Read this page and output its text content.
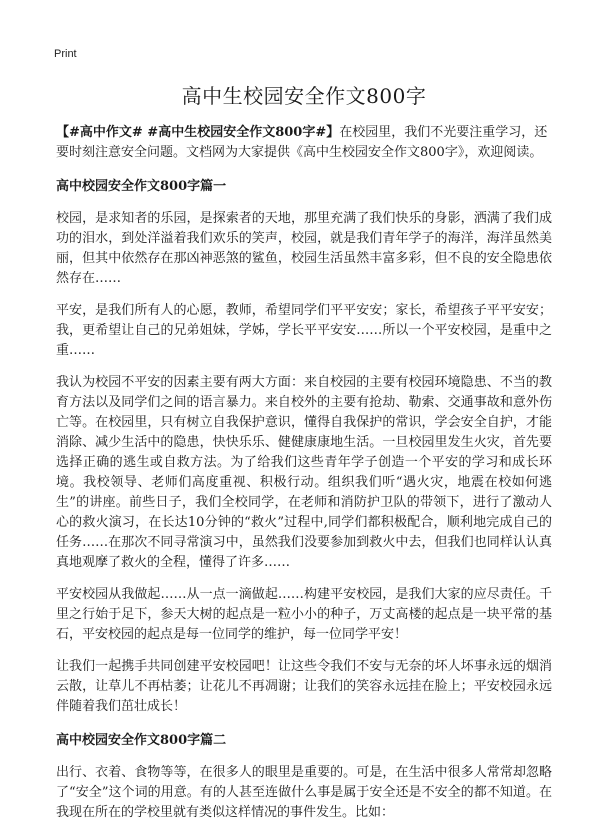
Print
高中生校园安全作文800字

【#高中作文# #高中生校园安全作文800字#】在校园里，我们不光要注重学习，还要时刻注意安全问题。文档网为大家提供《高中生校园安全作文800字》，欢迎阅读。

高中校园安全作文800字篇一

校园，是求知者的乐园，是探索者的天地，那里充满了我们快乐的身影，洒满了我们成功的泪水，到处洋溢着我们欢乐的笑声，校园，就是我们青年学子的海洋，海洋虽然美丽，但其中依然存在那凶神恶煞的鲨鱼，校园生活虽然丰富多彩，但不良的安全隐患依然存在……

平安，是我们所有人的心愿，教师，希望同学们平平安安；家长，希望孩子平平安安；我，更希望让自己的兄弟姐妹，学姊，学长平平安安……所以一个平安校园，是重中之重……

我认为校园不平安的因素主要有两大方面：来自校园的主要有校园环境隐患、不当的教育方法以及同学们之间的语言暴力。来自校外的主要有抢劫、勒索、交通事故和意外伤亡等。在校园里，只有树立自我保护意识，懂得自我保护的常识，学会安全自护，才能消除、减少生活中的隐患，快快乐乐、健健康康地生活。一旦校园里发生火灾，首先要选择正确的逃生或自救方法。为了给我们这些青年学子创造一个平安的学习和成长环境。我校领导、老师们高度重视、积极行动。组织我们听“遇火灾，地震在校如何逃生”的讲座。前些日子，我们全校同学，在老师和消防护卫队的带领下，进行了激动人心的救火演习，在长达10分钟的“救火”过程中,同学们都积极配合，顺利地完成自己的任务……在那次不同寻常演习中，虽然我们没要参加到救火中去，但我们也同样认认真真地观摩了救火的全程，懂得了许多……

平安校园从我做起……从一点一滴做起……构建平安校园，是我们大家的应尽责任。千里之行始于足下，参天大树的起点是一粒小小的种子，万丈高楼的起点是一块平常的基石，平安校园的起点是每一位同学的维护，每一位同学平安！

让我们一起携手共同创建平安校园吧！让这些令我们不安与无奈的坏人坏事永远的烟消云散，让草儿不再枯萎；让花儿不再凋谢；让我们的笑容永远挂在脸上；平安校园永远伴随着我们茁壮成长！

高中校园安全作文800字篇二

出行、衣着、食物等等，在很多人的眼里是重要的。可是，在生活中很多人常常却忽略了“安全”这个词的用意。有的人甚至连做什么事是属于安全还是不安全的都不知道。在我现在所在的学校里就有类似这样情况的事件发生。比如：
